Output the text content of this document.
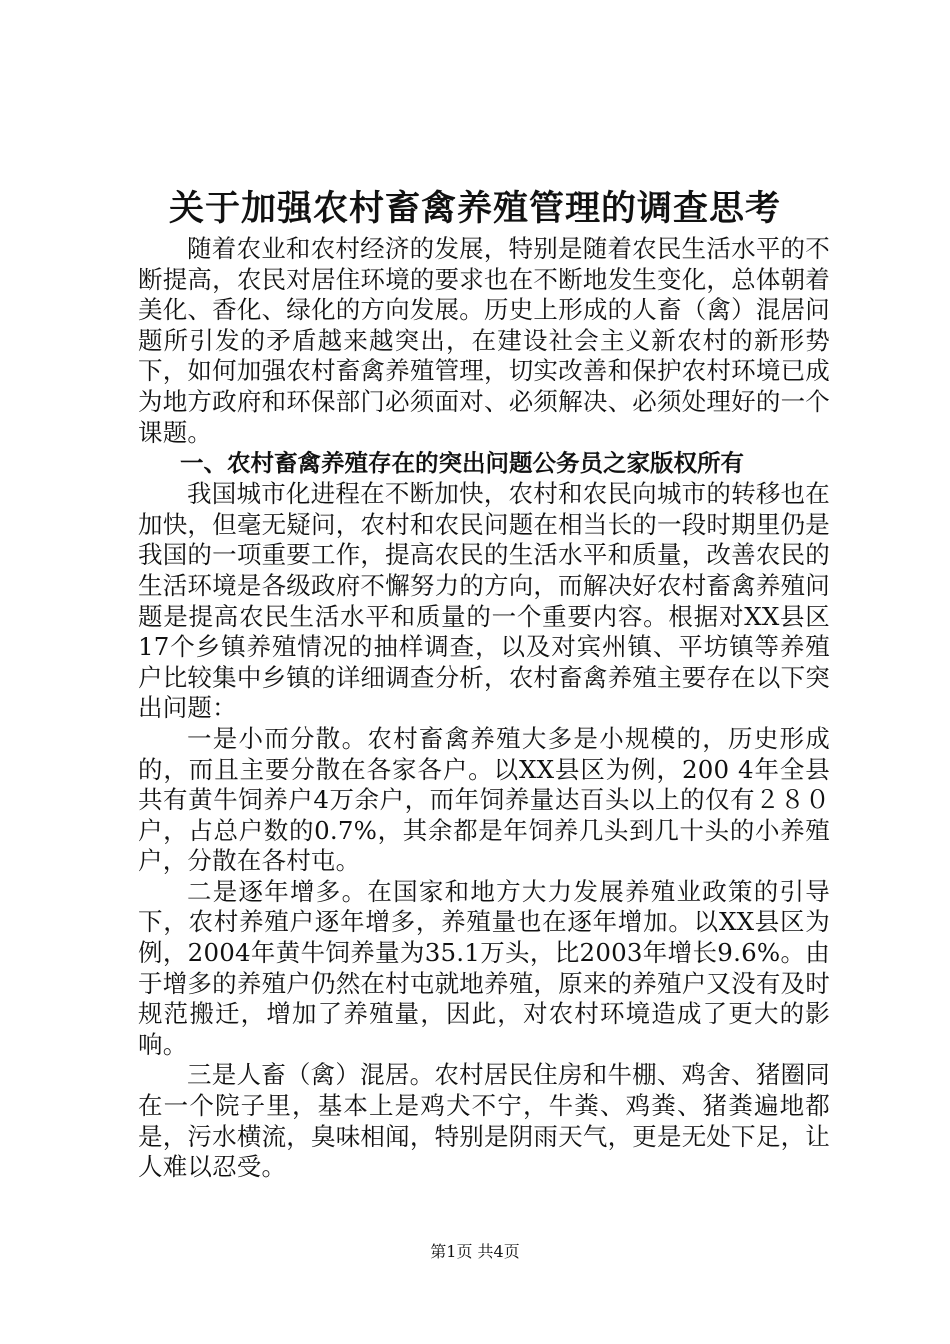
关于加强农村畜禽养殖管理的调查思考

随着农业和农村经济的发展，特别是随着农民生活水平的不断提高，农民对居住环境的要求也在不断地发生变化，总体朝着美化、香化、绿化的方向发展。历史上形成的人畜（禽）混居问题所引发的矛盾越来越突出，在建设社会主义新农村的新形势下，如何加强农村畜禽养殖管理，切实改善和保护农村环境已成为地方政府和环保部门必须面对、必须解决、必须处理好的一个课题。

一、农村畜禽养殖存在的突出问题公务员之家版权所有

我国城市化进程在不断加快，农村和农民向城市的转移也在加快，但毫无疑问，农村和农民问题在相当长的一段时期里仍是我国的一项重要工作，提高农民的生活水平和质量，改善农民的生活环境是各级政府不懈努力的方向，而解决好农村畜禽养殖问题是提高农民生活水平和质量的一个重要内容。根据对XX县区17个乡镇养殖情况的抽样调查，以及对宾州镇、平坊镇等养殖户比较集中乡镇的详细调查分析，农村畜禽养殖主要存在以下突出问题：

一是小而分散。农村畜禽养殖大多是小规模的，历史形成的，而且主要分散在各家各户。以XX县区为例，200 4年全县共有黄牛饲养户4万余户，而年饲养量达百头以上的仅有２８０户，占总户数的0.7%，其余都是年饲养几头到几十头的小养殖户，分散在各村屯。

二是逐年增多。在国家和地方大力发展养殖业政策的引导下，农村养殖户逐年增多，养殖量也在逐年增加。以XX县区为例，2004年黄牛饲养量为35.1万头，比2003年增长9.6%。由于增多的养殖户仍然在村屯就地养殖，原来的养殖户又没有及时规范搬迁，增加了养殖量，因此，对农村环境造成了更大的影响。

三是人畜（禽）混居。农村居民住房和牛棚、鸡舍、猪圈同在一个院子里，基本上是鸡犬不宁，牛粪、鸡粪、猪粪遍地都是，污水横流，臭味相闻，特别是阴雨天气，更是无处下足，让人难以忍受。

第1页 共4页
